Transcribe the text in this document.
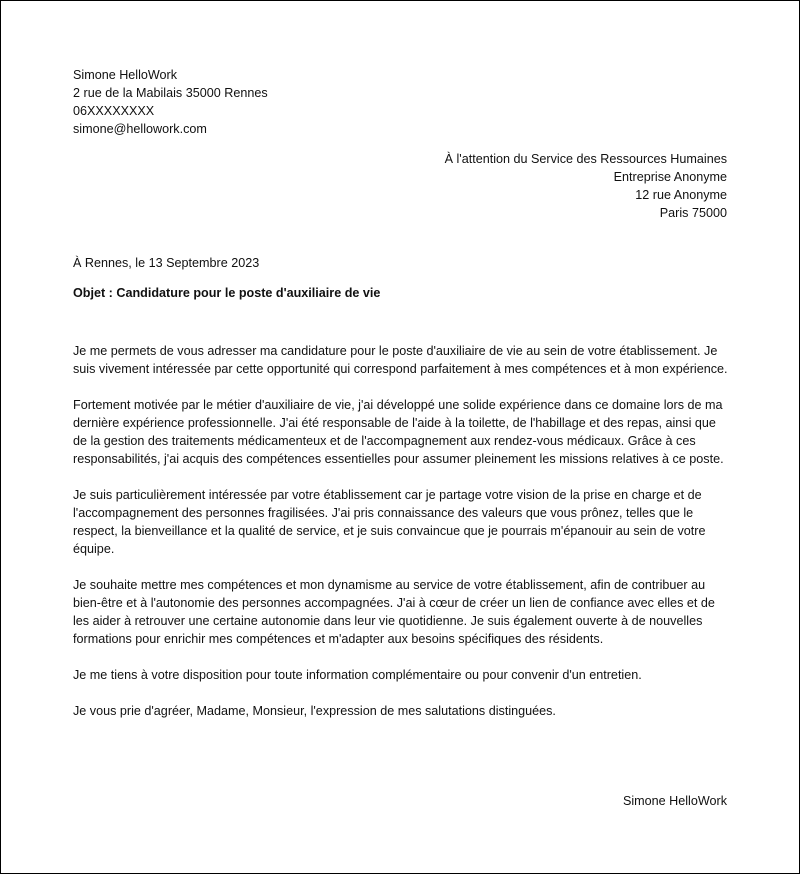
Simone HelloWork
2 rue de la Mabilais 35000 Rennes
06XXXXXXXX
simone@hellowork.com
À l'attention du Service des Ressources Humaines
Entreprise Anonyme
12 rue Anonyme
Paris 75000
À Rennes, le 13 Septembre 2023
Objet : Candidature pour le poste d'auxiliaire de vie

Je me permets de vous adresser ma candidature pour le poste d'auxiliaire de vie au sein de votre établissement. Je suis vivement intéressée par cette opportunité qui correspond parfaitement à mes compétences et à mon expérience.

Fortement motivée par le métier d'auxiliaire de vie, j'ai développé une solide expérience dans ce domaine lors de ma dernière expérience professionnelle. J'ai été responsable de l'aide à la toilette, de l'habillage et des repas, ainsi que de la gestion des traitements médicamenteux et de l'accompagnement aux rendez-vous médicaux. Grâce à ces responsabilités, j'ai acquis des compétences essentielles pour assumer pleinement les missions relatives à ce poste.

Je suis particulièrement intéressée par votre établissement car je partage votre vision de la prise en charge et de l'accompagnement des personnes fragilisées. J'ai pris connaissance des valeurs que vous prônez, telles que le respect, la bienveillance et la qualité de service, et je suis convaincue que je pourrais m'épanouir au sein de votre équipe.

Je souhaite mettre mes compétences et mon dynamisme au service de votre établissement, afin de contribuer au bien-être et à l'autonomie des personnes accompagnées. J'ai à cœur de créer un lien de confiance avec elles et de les aider à retrouver une certaine autonomie dans leur vie quotidienne. Je suis également ouverte à de nouvelles formations pour enrichir mes compétences et m'adapter aux besoins spécifiques des résidents.

Je me tiens à votre disposition pour toute information complémentaire ou pour convenir d'un entretien.

Je vous prie d'agréer, Madame, Monsieur, l'expression de mes salutations distinguées.

Simone HelloWork
